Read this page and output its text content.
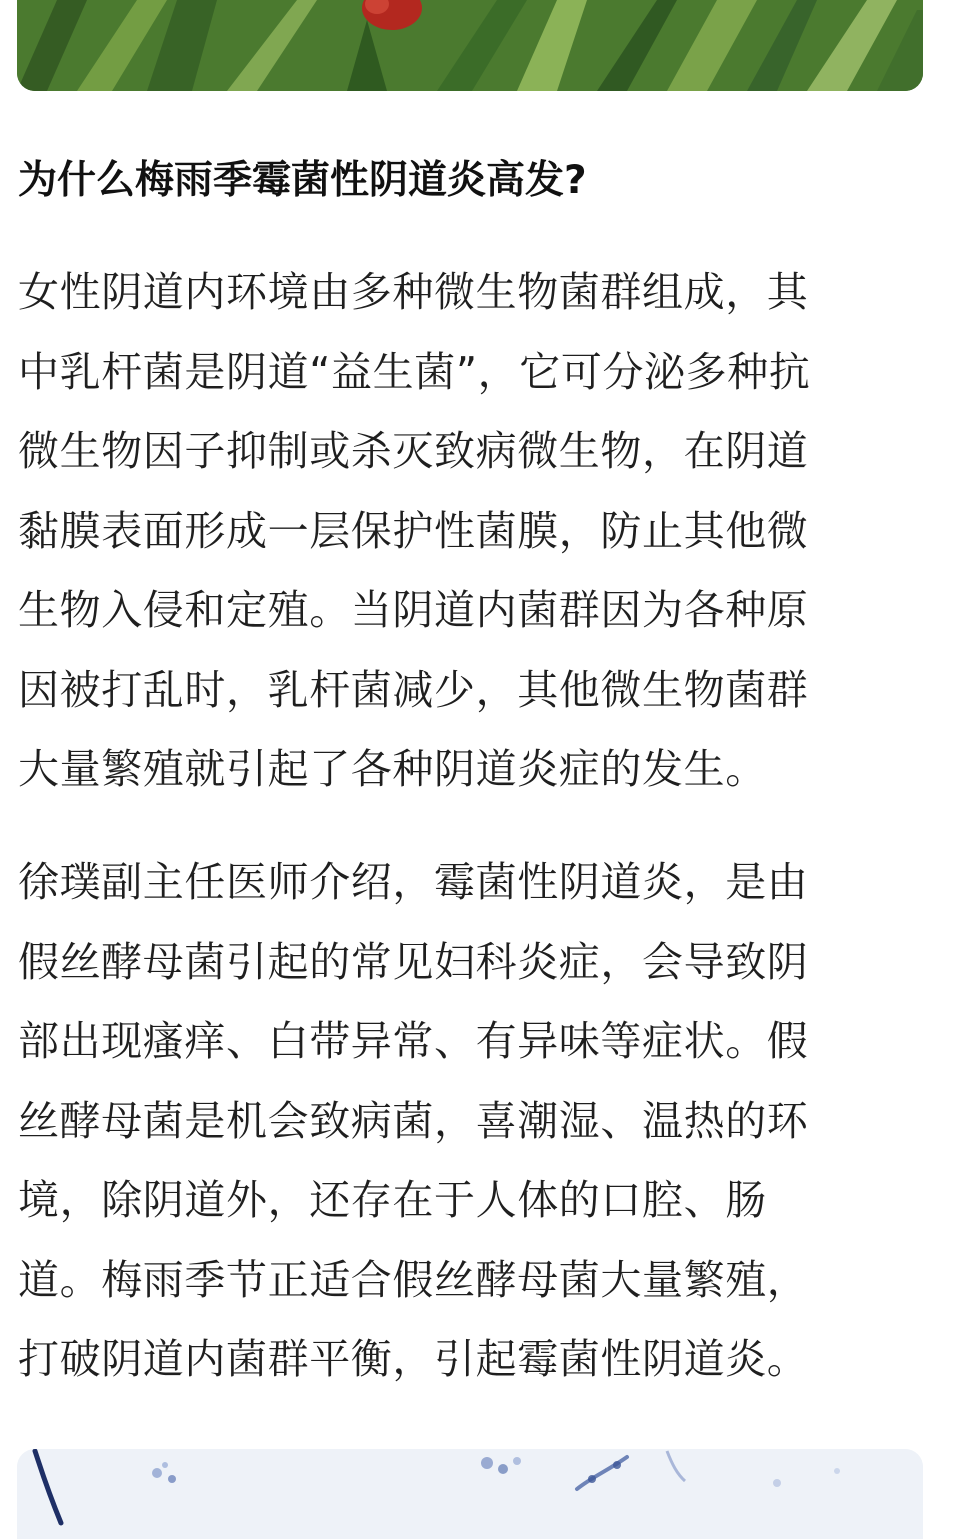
为什么梅雨季霉菌性阴道炎高发?
女性阴道内环境由多种微生物菌群组成，其
中乳杆菌是阴道“益生菌”，它可分泌多种抗
微生物因子抑制或杀灭致病微生物，在阴道
黏膜表面形成一层保护性菌膜，防止其他微
生物入侵和定殖。当阴道内菌群因为各种原
因被打乱时，乳杆菌减少，其他微生物菌群
大量繁殖就引起了各种阴道炎症的发生。
徐璞副主任医师介绍，霉菌性阴道炎，是由
假丝酵母菌引起的常见妇科炎症，会导致阴
部出现瘙痒、白带异常、有异味等症状。假
丝酵母菌是机会致病菌，喜潮湿、温热的环
境，除阴道外，还存在于人体的口腔、肠
道。梅雨季节正适合假丝酵母菌大量繁殖，
打破阴道内菌群平衡，引起霉菌性阴道炎。
